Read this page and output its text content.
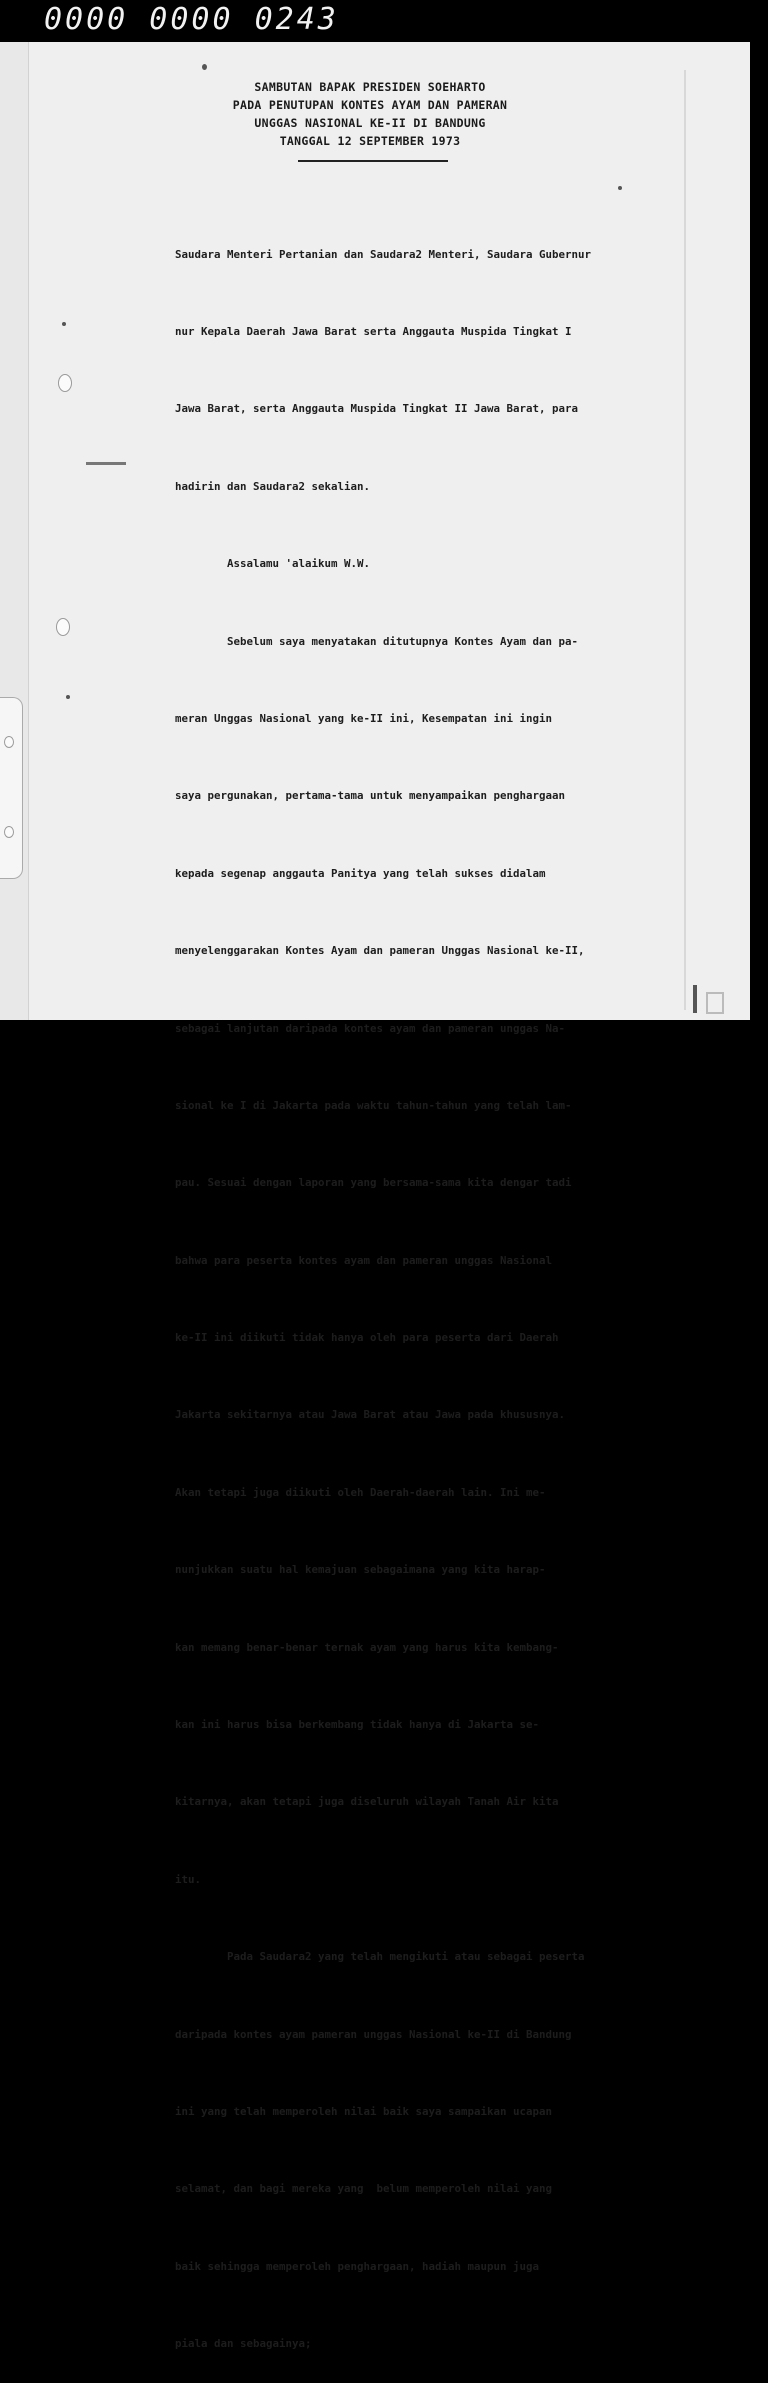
0000 0000 0243
SAMBUTAN BAPAK PRESIDEN SOEHARTO
PADA PENUTUPAN KONTES AYAM DAN PAMERAN
UNGGAS NASIONAL KE-II DI BANDUNG
TANGGAL 12 SEPTEMBER 1973

Saudara Menteri Pertanian dan Saudara2 Menteri, Saudara Gubernur

nur Kepala Daerah Jawa Barat serta Anggauta Muspida Tingkat I

Jawa Barat, serta Anggauta Muspida Tingkat II Jawa Barat, para

hadirin dan Saudara2 sekalian.

Assalamu 'alaikum W.W.

Sebelum saya menyatakan ditutupnya Kontes Ayam dan pa-

meran Unggas Nasional yang ke-II ini, Kesempatan ini ingin

saya pergunakan, pertama-tama untuk menyampaikan penghargaan

kepada segenap anggauta Panitya yang telah sukses didalam

menyelenggarakan Kontes Ayam dan pameran Unggas Nasional ke-II,

sebagai lanjutan daripada kontes ayam dan pameran unggas Na-

sional ke I di Jakarta pada waktu tahun-tahun yang telah lam-

pau. Sesuai dengan laporan yang bersama-sama kita dengar tadi

bahwa para peserta kontes ayam dan pameran unggas Nasional

ke-II ini diikuti tidak hanya oleh para peserta dari Daerah

Jakarta sekitarnya atau Jawa Barat atau Jawa pada khususnya.

Akan tetapi juga diikuti oleh Daerah-daerah lain. Ini me-

nunjukkan suatu hal kemajuan sebagaimana yang kita harap-

kan memang benar-benar ternak ayam yang harus kita kembang-

kan ini harus bisa berkembang tidak hanya di Jakarta se-

kitarnya, akan tetapi juga diseluruh wilayah Tanah Air kita

itu.

Pada Saudara2 yang telah mengikuti atau sebagai peserta

daripada kontes ayam pameran unggas Nasional ke-II di Bandung

ini yang telah memperoleh nilai baik saya sampaikan ucapan

selamat, dan bagi mereka yang  belum memperoleh nilai yang

baik sehingga memperoleh penghargaan, hadiah maupun juga

piala dan sebagainya;
